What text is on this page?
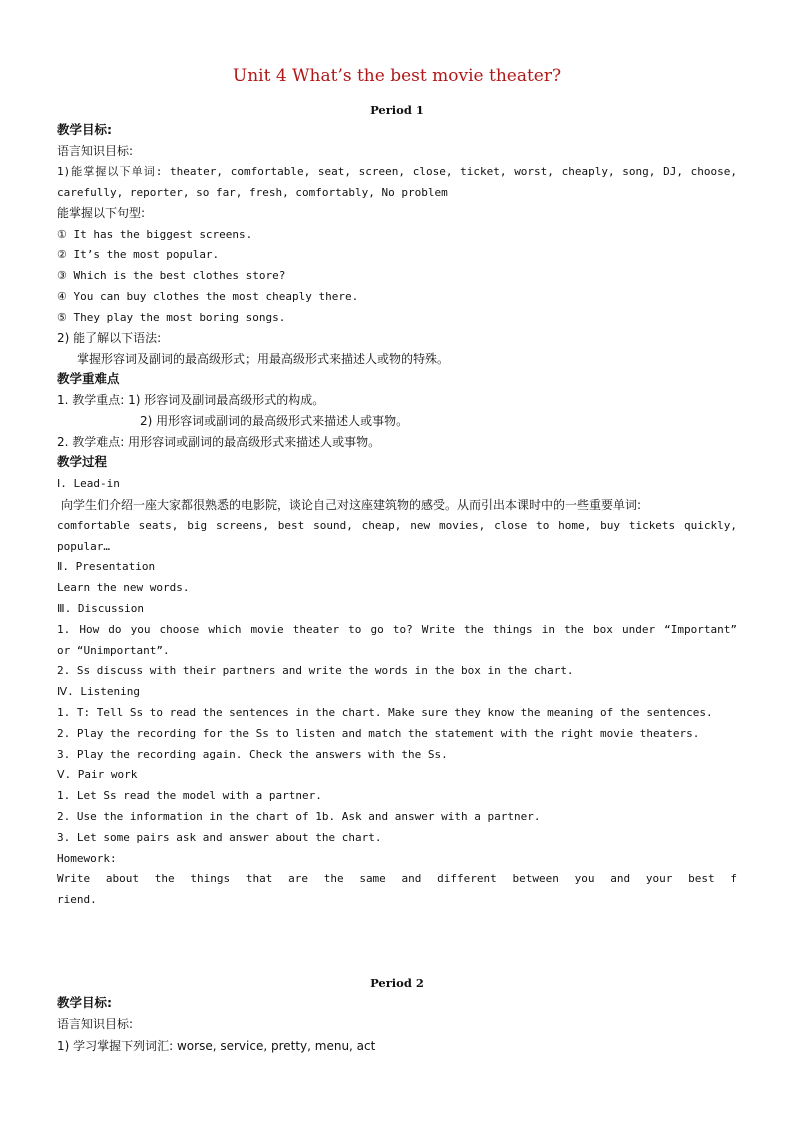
Unit 4 What’s the best movie theater?
Period 1
教学目标:
语言知识目标:
1)能掌握以下单词: theater, comfortable, seat, screen, close, ticket, worst, cheaply, song, DJ, choose,
carefully, reporter, so far, fresh, comfortably, No problem
能掌握以下句型:
① It has the biggest screens.
② It’s the most popular.
③ Which is the best clothes store?
④ You can buy clothes the most cheaply there.
⑤ They play the most boring songs.
2) 能了解以下语法:
掌握形容词及副词的最高级形式；用最高级形式来描述人或物的特殊。
教学重难点
1. 教学重点: 1) 形容词及副词最高级形式的构成。
2) 用形容词或副词的最高级形式来描述人或事物。
2. 教学难点: 用形容词或副词的最高级形式来描述人或事物。
教学过程
Ⅰ. Lead-in
向学生们介绍一座大家都很熟悉的电影院，谈论自己对这座建筑物的感受。从而引出本课时中的一些重要单词:
comfortable seats, big screens, best sound, cheap, new movies, close to home, buy tickets quickly,
popular…
Ⅱ. Presentation
Learn the new words.
Ⅲ. Discussion
1. How do you choose which movie theater to go to? Write the things in the box under “Important”
or “Unimportant”.
2. Ss discuss with their partners and write the words in the box in the chart.
Ⅳ. Listening
1. T: Tell Ss to read the sentences in the chart. Make sure they know the meaning of the sentences.
2. Play the recording for the Ss to listen and match the statement with the right movie theaters.
3. Play the recording again. Check the answers with the Ss.
Ⅴ. Pair work
1. Let Ss read the model with a partner.
2. Use the information in the chart of 1b. Ask and answer with a partner.
3. Let some pairs ask and answer about the chart.
Homework:
Write about the things that are the same and different between you and your best f
riend.
Period 2
教学目标:
语言知识目标:
1) 学习掌握下列词汇: worse, service, pretty, menu, act
